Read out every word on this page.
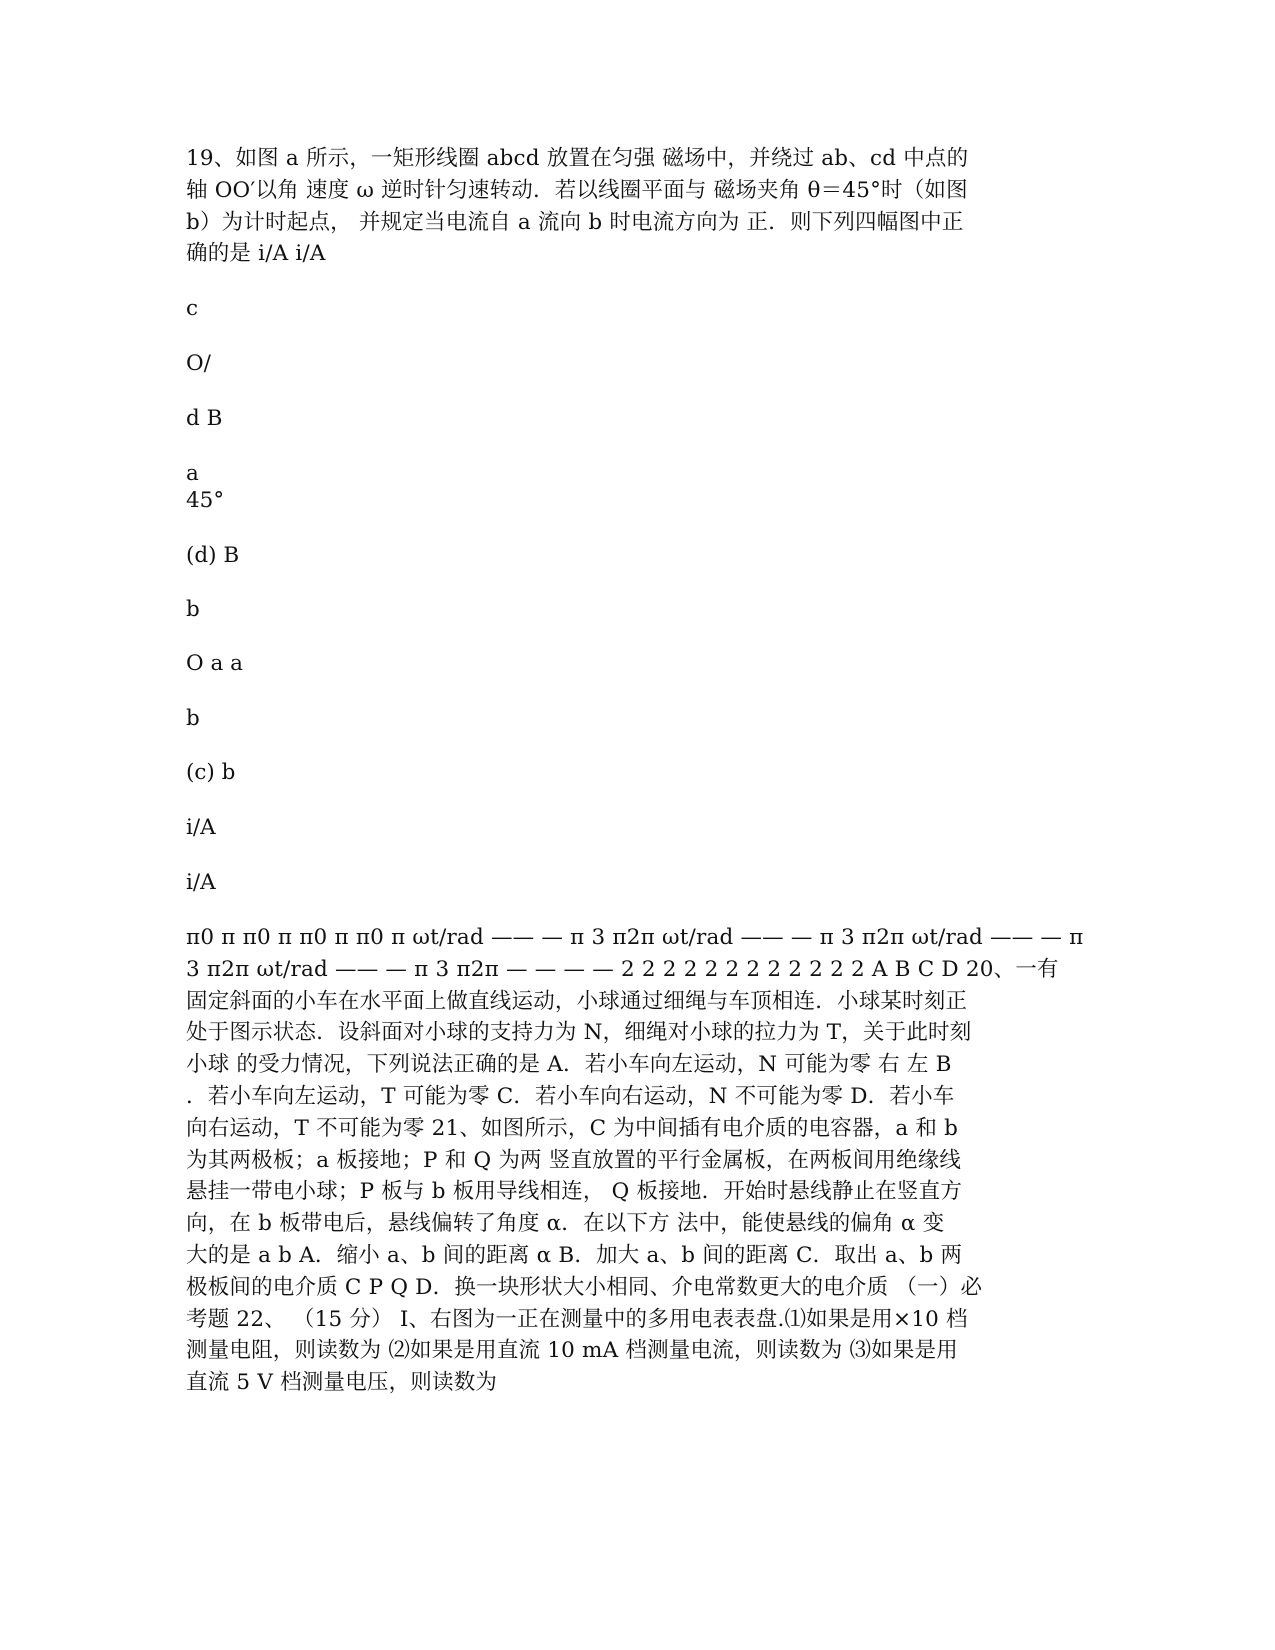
19、如图 a 所示，一矩形线圈 abcd 放置在匀强 磁场中，并绕过 ab、cd 中点的
轴 OO′以角 速度 ω 逆时针匀速转动．若以线圈平面与 磁场夹角 θ＝45°时（如图
b）为计时起点， 并规定当电流自 a 流向 b 时电流方向为 正．则下列四幅图中正
确的是 i/A i/A
c
O/
d B
a
45°
(d) B
b
O a a
b
(c) b
i/A
i/A
π0 π π0 π π0 π π0 π ωt/rad —— — π 3 π2π ωt/rad —— — π 3 π2π ωt/rad —— — π
3 π2π ωt/rad —— — π 3 π2π — — — — 2 2 2 2 2 2 2 2 2 2 2 2 A B C D 20、一有
固定斜面的小车在水平面上做直线运动，小球通过细绳与车顶相连．小球某时刻正
处于图示状态．设斜面对小球的支持力为 N，细绳对小球的拉力为 T，关于此时刻
小球 的受力情况，下列说法正确的是 A．若小车向左运动，N 可能为零 右 左 B
．若小车向左运动，T 可能为零 C．若小车向右运动，N 不可能为零 D．若小车
向右运动，T 不可能为零 21、如图所示，C 为中间插有电介质的电容器，a 和 b
为其两极板；a 板接地；P 和 Q 为两 竖直放置的平行金属板，在两板间用绝缘线
悬挂一带电小球；P 板与 b 板用导线相连， Q 板接地．开始时悬线静止在竖直方
向，在 b 板带电后，悬线偏转了角度 α．在以下方 法中，能使悬线的偏角 α 变
大的是 a b A．缩小 a、b 间的距离 α B．加大 a、b 间的距离 C．取出 a、b 两
极板间的电介质 C P Q D．换一块形状大小相同、介电常数更大的电介质 （一）必
考题 22、 （15 分） I、右图为一正在测量中的多用电表表盘.⑴如果是用×10 档
测量电阻，则读数为 ⑵如果是用直流 10 mA 档测量电流，则读数为 ⑶如果是用
直流 5 V 档测量电压，则读数为
